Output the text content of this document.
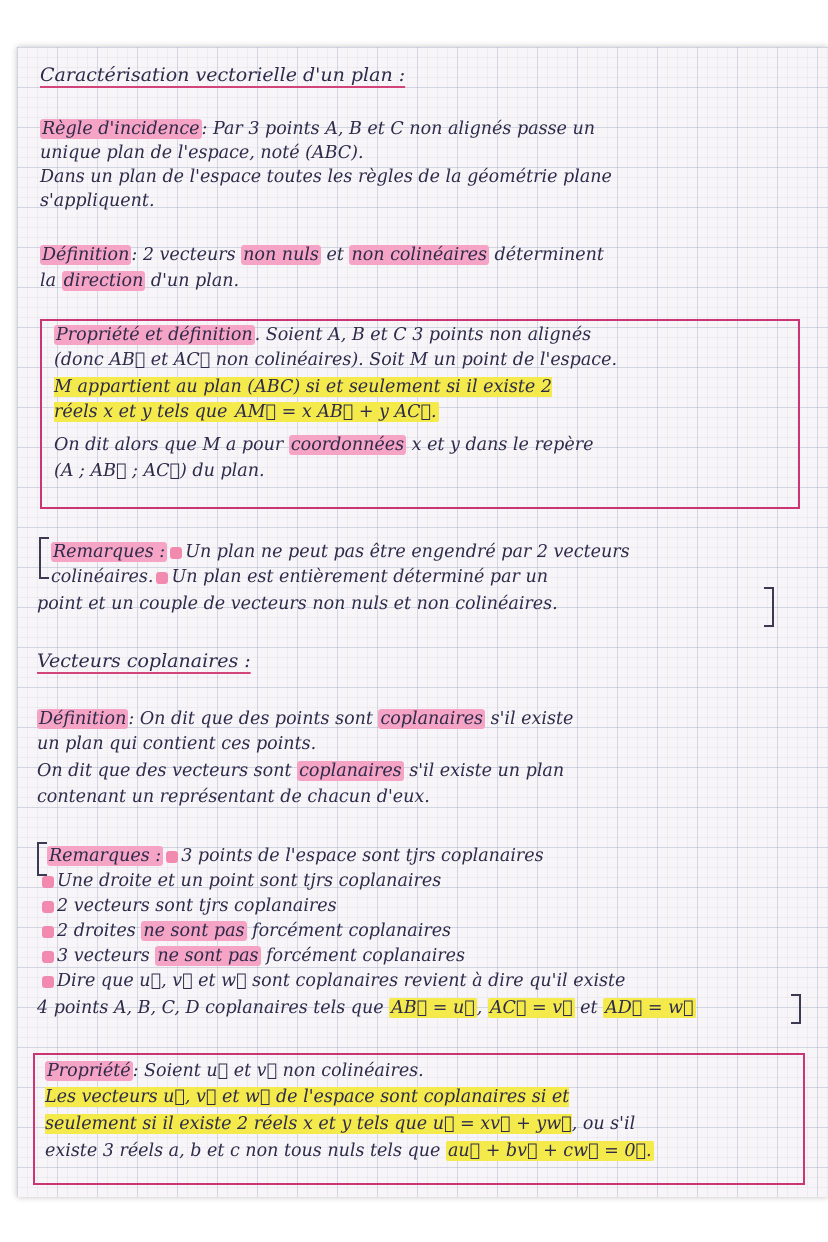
Caractérisation vectorielle d'un plan :

Règle d'incidence : Par 3 points A, B et C non alignés passe un

unique plan de l'espace, noté (ABC).

Dans un plan de l'espace toutes les règles de la géométrie plane

s'appliquent.

Définition : 2 vecteurs non nuls et non colinéaires déterminent

la direction d'un plan.

Propriété et définition . Soient A, B et C 3 points non alignés

(donc AB⃗ et AC⃗ non colinéaires). Soit M un point de l'espace.

M appartient au plan (ABC) si et seulement si il existe 2

réels x et y tels que AM⃗ = x AB⃗ + y AC⃗.

On dit alors que M a pour coordonnées x et y dans le repère

(A ; AB⃗ ; AC⃗) du plan.

Remarques : Un plan ne peut pas être engendré par 2 vecteurs

colinéaires. Un plan est entièrement déterminé par un

point et un couple de vecteurs non nuls et non colinéaires.

Vecteurs coplanaires :

Définition : On dit que des points sont coplanaires s'il existe

un plan qui contient ces points.

On dit que des vecteurs sont coplanaires s'il existe un plan

contenant un représentant de chacun d'eux.

Remarques : 3 points de l'espace sont tjrs coplanaires

Une droite et un point sont tjrs coplanaires

2 vecteurs sont tjrs coplanaires

2 droites ne sont pas forcément coplanaires

3 vecteurs ne sont pas forcément coplanaires

Dire que u⃗, v⃗ et w⃗ sont coplanaires revient à dire qu'il existe

4 points A, B, C, D coplanaires tels que AB⃗ = u⃗ , AC⃗ = v⃗ et AD⃗ = w⃗

Propriété : Soient u⃗ et v⃗ non colinéaires.

Les vecteurs u⃗, v⃗ et w⃗ de l'espace sont coplanaires si et

seulement si il existe 2 réels x et y tels que u⃗ = xv⃗ + yw⃗, ou s'il

existe 3 réels a, b et c non tous nuls tels que au⃗ + bv⃗ + cw⃗ = 0⃗.
